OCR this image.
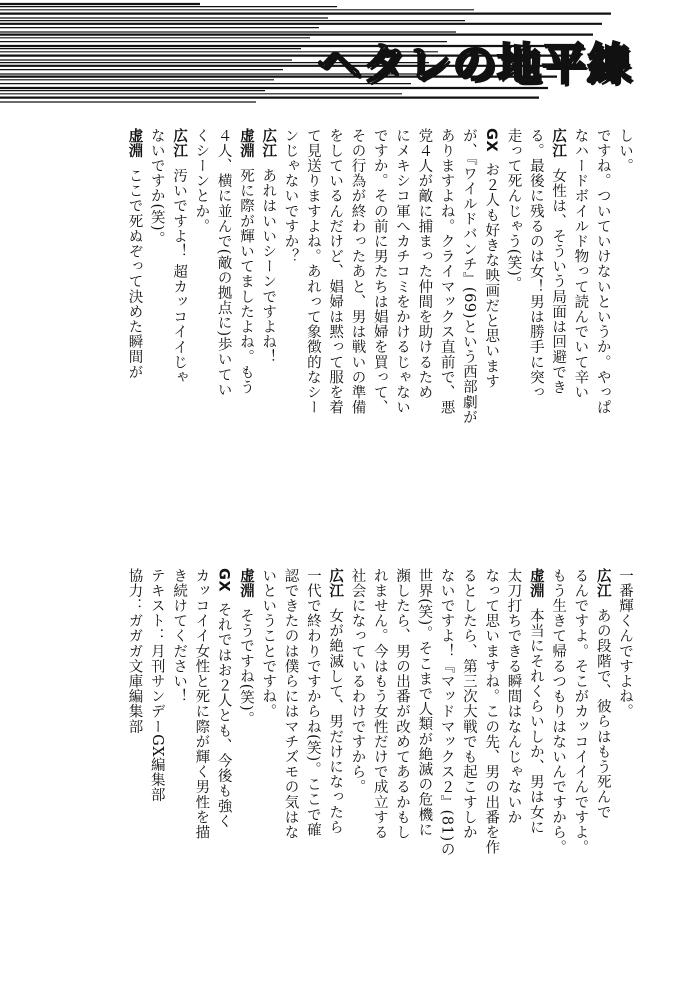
ヘタレの地平線
しい。
ですね。ついていけないというか。やっぱ
なハードボイルド物って読んでいて辛い
広江女性は、そういう局面は回避でき
る。最後に残るのは女！男は勝手に突っ
走って死んじゃう(笑)。
GXお２人も好きな映画だと思います
が、『ワイルドバンチ』(69)という西部劇が
ありますよね。クライマックス直前で、悪
党４人が敵に捕まった仲間を助けるため
にメキシコ軍へカチコミをかけるじゃない
ですか。その前に男たちは娼婦を買って、
その行為が終わったあと、男は戦いの準備
をしているんだけど、娼婦は黙って服を着
て見送りますよね。あれって象徴的なシー
ンじゃないですか？
広江あれはいいシーンですよね！
虚淵死に際が輝いてましたよね。もう
４人、横に並んで(敵の拠点に)歩いてい
くシーンとか。
広江汚いですよ！ 超カッコイイじゃ
ないですか(笑)。
虚淵ここで死ぬぞって決めた瞬間が
一番輝くんですよね。
広江あの段階で、彼らはもう死んで
るんですよ。そこがカッコイイんですよ。
もう生きて帰るつもりはないんですから。
虚淵本当にそれくらいしか、男は女に
太刀打ちできる瞬間はなんじゃないか
なって思いますね。この先、男の出番を作
るとしたら、第三次大戦でも起こすしか
ないですよ！『マッドマックス２』(81)の
世界(笑)。そこまで人類が絶滅の危機に
瀕したら、男の出番が改めてあるかもし
れません。今はもう女性だけで成立する
社会になっているわけですから。
広江女が絶滅して、男だけになったら
一代で終わりですからね(笑)。ここで確
認できたのは僕らにはマチズモの気はな
いということですね。
虚淵そうですね(笑)。
GXそれではお２人とも、今後も強く
カッコイイ女性と死に際が輝く男性を描
き続けてください！
テキスト：月刊サンデーGX編集部
協力：ガガガ文庫編集部
